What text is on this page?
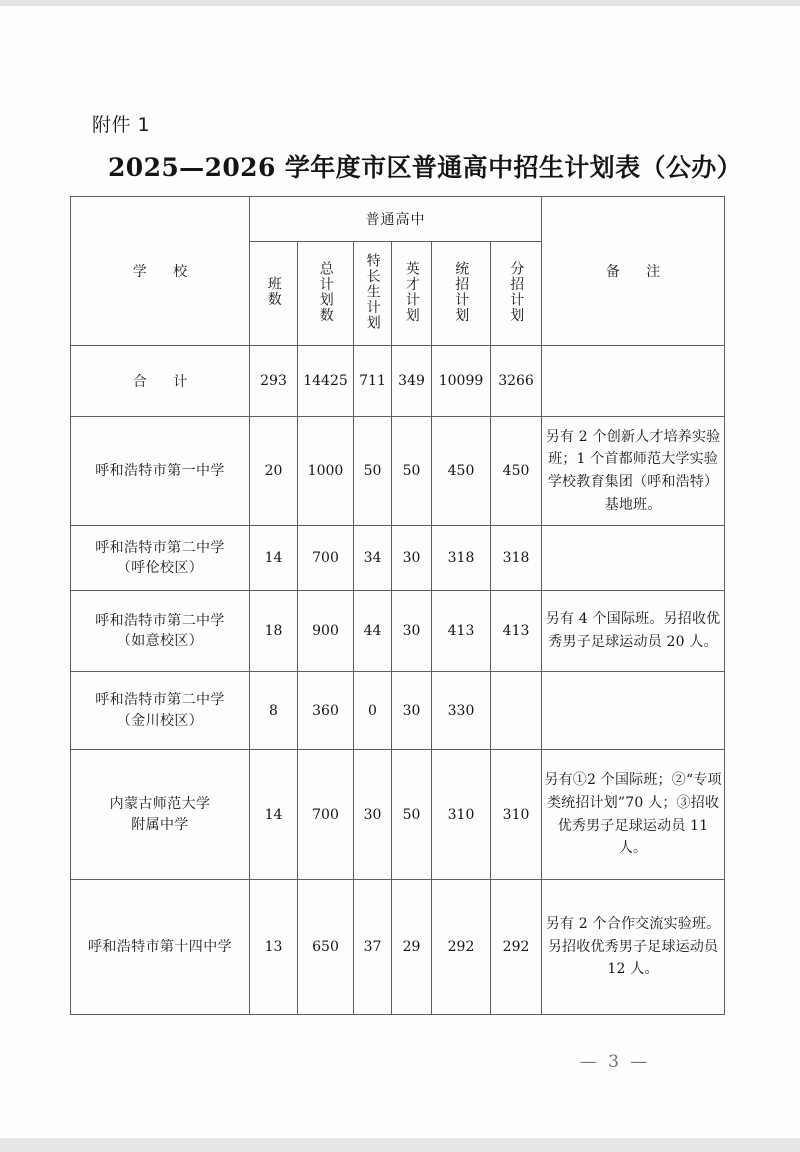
附件 1
2025—2026 学年度市区普通高中招生计划表（公办）
学 校	普通高中						备 注
	班数	总计划数	特长生计划	英才计划	统招计划	分招计划	
合 计	293	14425	711	349	10099	3266	
呼和浩特市第一中学	20	1000	50	50	450	450	另有 2 个创新人才培养实验班；1 个首都师范大学实验学校教育集团（呼和浩特）基地班。
呼和浩特市第二中学
（呼伦校区）	14	700	34	30	318	318	
呼和浩特市第二中学
（如意校区）	18	900	44	30	413	413	另有 4 个国际班。另招收优秀男子足球运动员 20 人。
呼和浩特市第二中学
（金川校区）	8	360	0	30	330		
内蒙古师范大学
附属中学	14	700	30	50	310	310	另有①2 个国际班；②“专项类统招计划”70 人；③招收优秀男子足球运动员 11 人。
呼和浩特市第十四中学	13	650	37	29	292	292	另有 2 个合作交流实验班。另招收优秀男子足球运动员 12 人。
— 3 —
